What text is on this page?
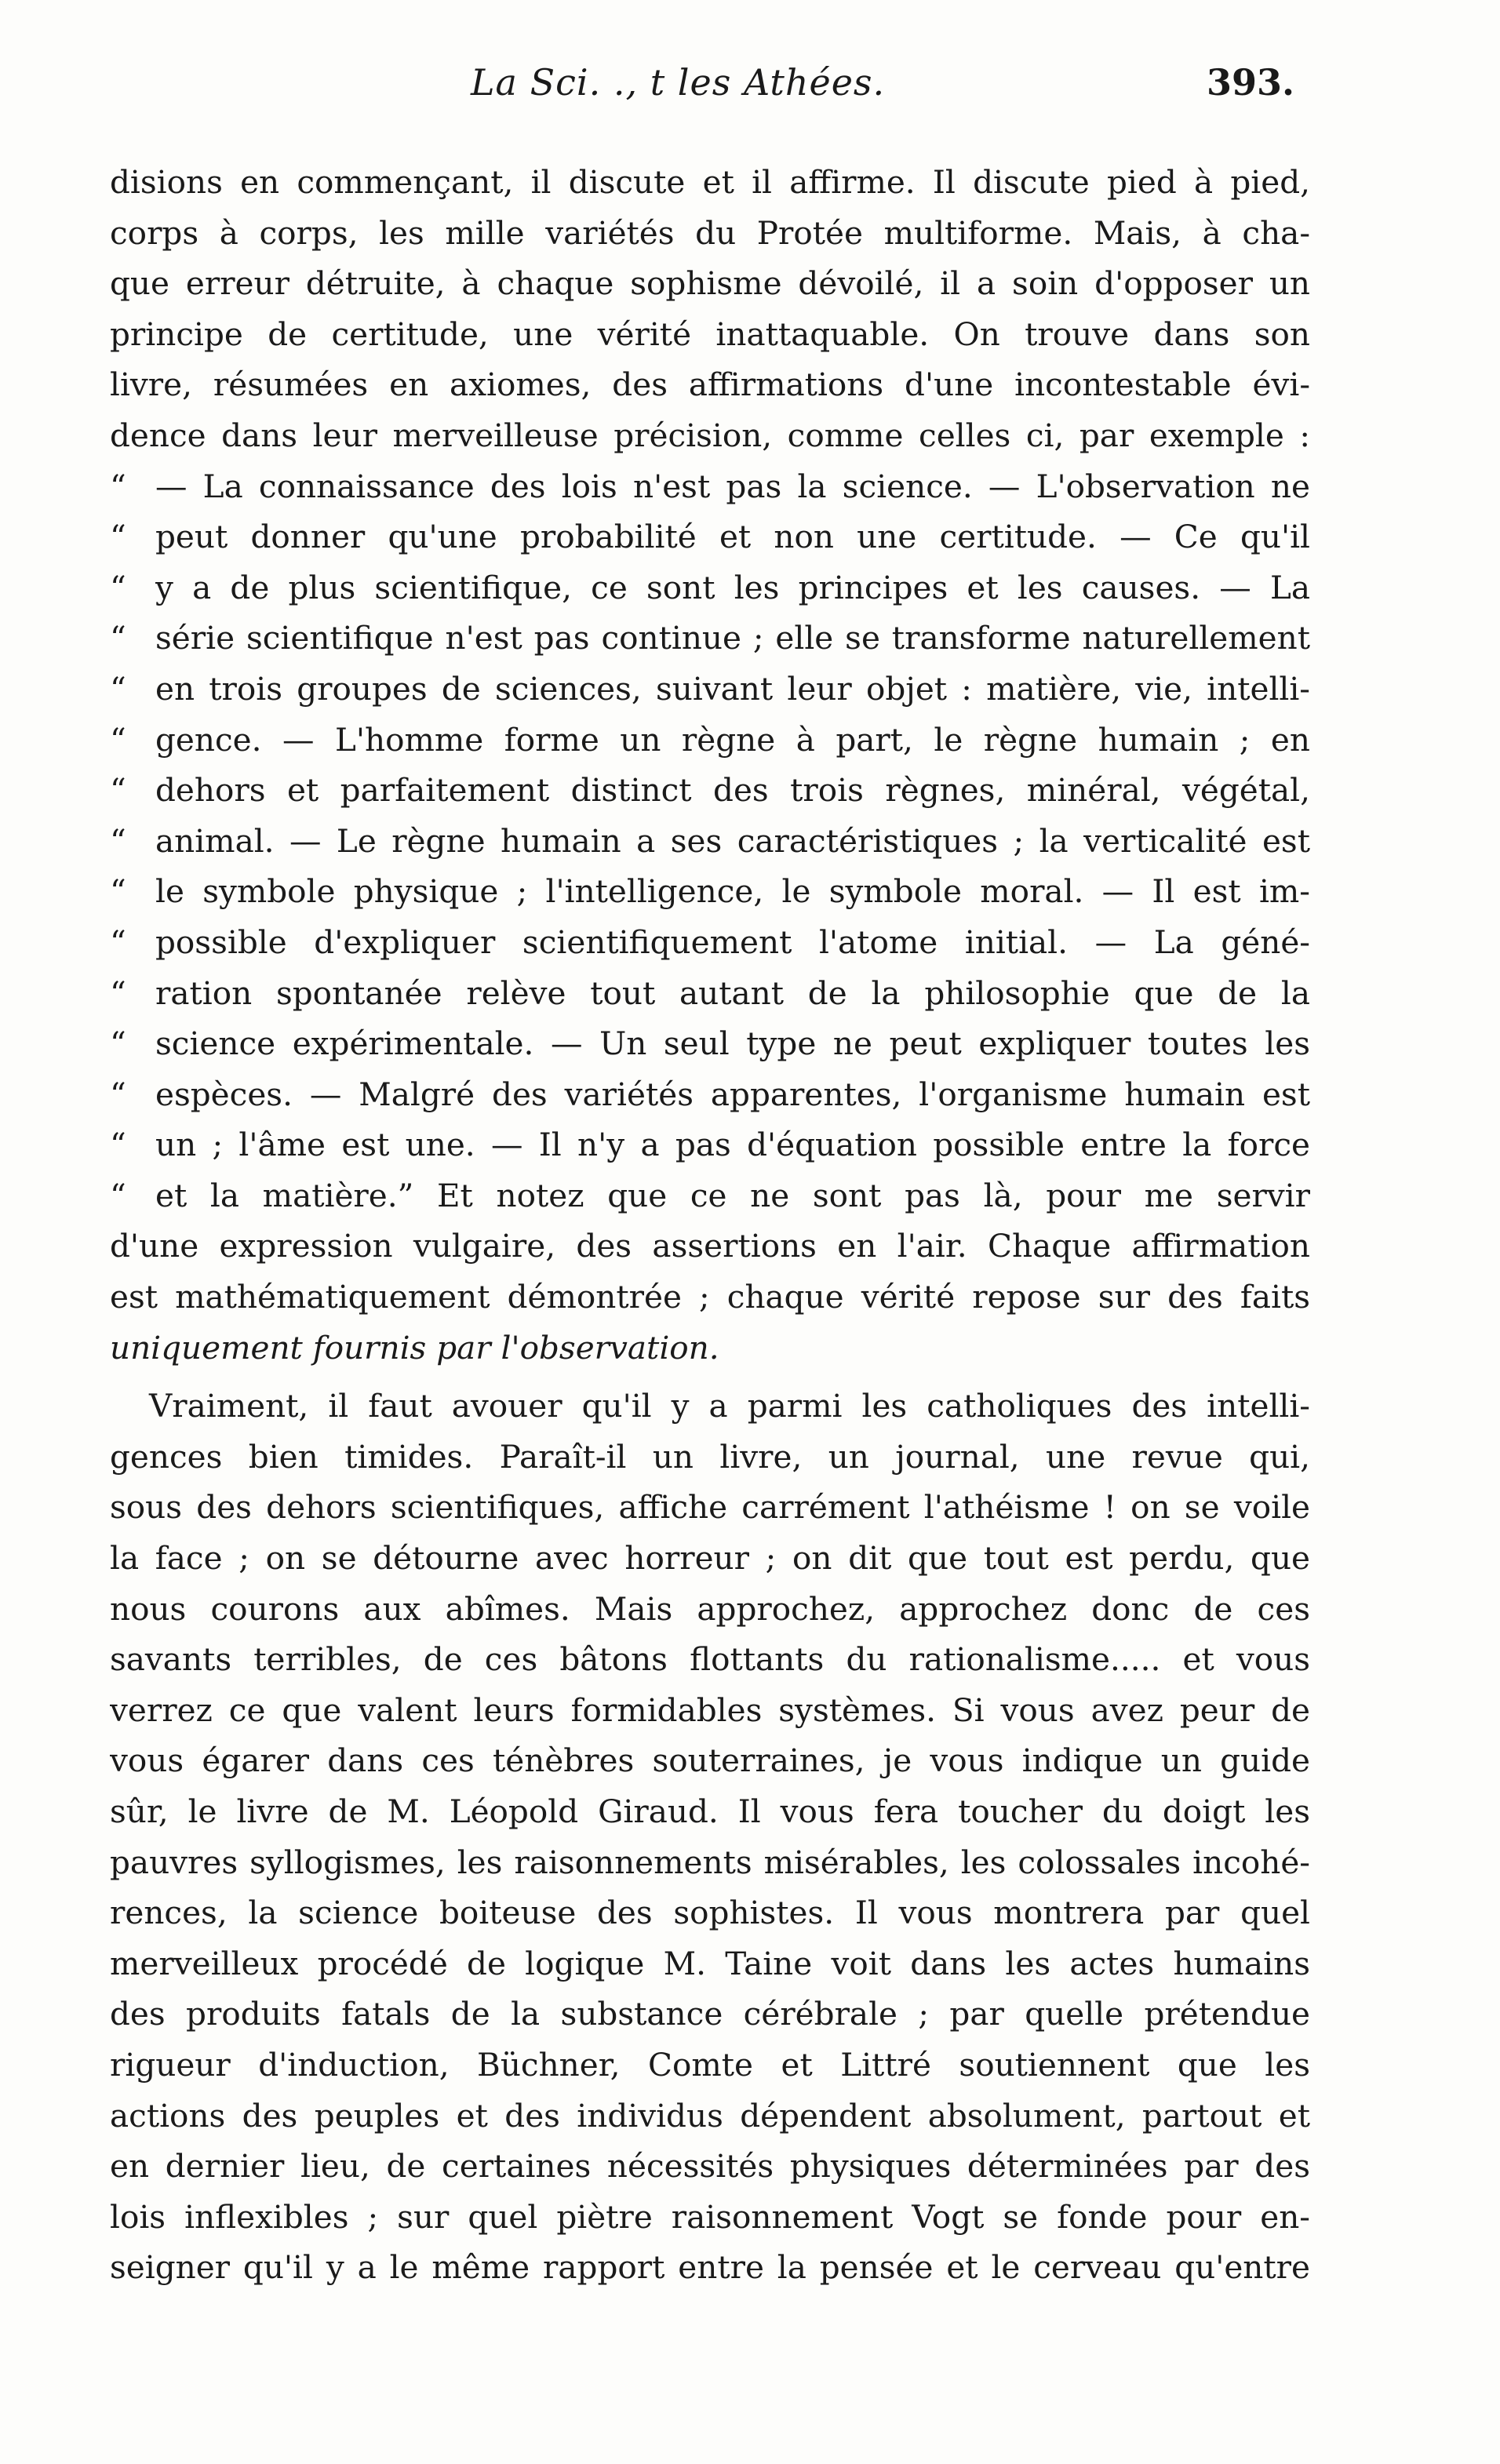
La Sci. ., t les Athées.	393.
disions en commençant, il discute et il affirme. Il discute pied à pied,
corps à corps, les mille variétés du Protée multiforme. Mais, à cha-
que erreur détruite, à chaque sophisme dévoilé, il a soin d'opposer un
principe de certitude, une vérité inattaquable. On trouve dans son
livre, résumées en axiomes, des affirmations d'une incontestable évi-
dence dans leur merveilleuse précision, comme celles ci, par exemple :
“ — La connaissance des lois n'est pas la science. — L'observation ne
“ peut donner qu'une probabilité et non une certitude. — Ce qu'il
“ y a de plus scientifique, ce sont les principes et les causes. — La
“ série scientifique n'est pas continue ; elle se transforme naturellement
“ en trois groupes de sciences, suivant leur objet : matière, vie, intelli-
“ gence. — L'homme forme un règne à part, le règne humain ; en
“ dehors et parfaitement distinct des trois règnes, minéral, végétal,
“ animal. — Le règne humain a ses caractéristiques ; la verticalité est
“ le symbole physique ; l'intelligence, le symbole moral. — Il est im-
“ possible d'expliquer scientifiquement l'atome initial. — La géné-
“ ration spontanée relève tout autant de la philosophie que de la
“ science expérimentale. — Un seul type ne peut expliquer toutes les
“ espèces. — Malgré des variétés apparentes, l'organisme humain est
“ un ; l'âme est une. — Il n'y a pas d'équation possible entre la force
“ et la matière.” Et notez que ce ne sont pas là, pour me servir
d'une expression vulgaire, des assertions en l'air. Chaque affirmation
est mathématiquement démontrée ; chaque vérité repose sur des faits
uniquement fournis par l'observation.
Vraiment, il faut avouer qu'il y a parmi les catholiques des intelli-
gences bien timides. Paraît-il un livre, un journal, une revue qui,
sous des dehors scientifiques, affiche carrément l'athéisme ! on se voile
la face ; on se détourne avec horreur ; on dit que tout est perdu, que
nous courons aux abîmes. Mais approchez, approchez donc de ces
savants terribles, de ces bâtons flottants du rationalisme..... et vous
verrez ce que valent leurs formidables systèmes. Si vous avez peur de
vous égarer dans ces ténèbres souterraines, je vous indique un guide
sûr, le livre de M. Léopold Giraud. Il vous fera toucher du doigt les
pauvres syllogismes, les raisonnements misérables, les colossales incohé-
rences, la science boiteuse des sophistes. Il vous montrera par quel
merveilleux procédé de logique M. Taine voit dans les actes humains
des produits fatals de la substance cérébrale ; par quelle prétendue
rigueur d'induction, Büchner, Comte et Littré soutiennent que les
actions des peuples et des individus dépendent absolument, partout et
en dernier lieu, de certaines nécessités physiques déterminées par des
lois inflexibles ; sur quel piètre raisonnement Vogt se fonde pour en-
seigner qu'il y a le même rapport entre la pensée et le cerveau qu'entre
